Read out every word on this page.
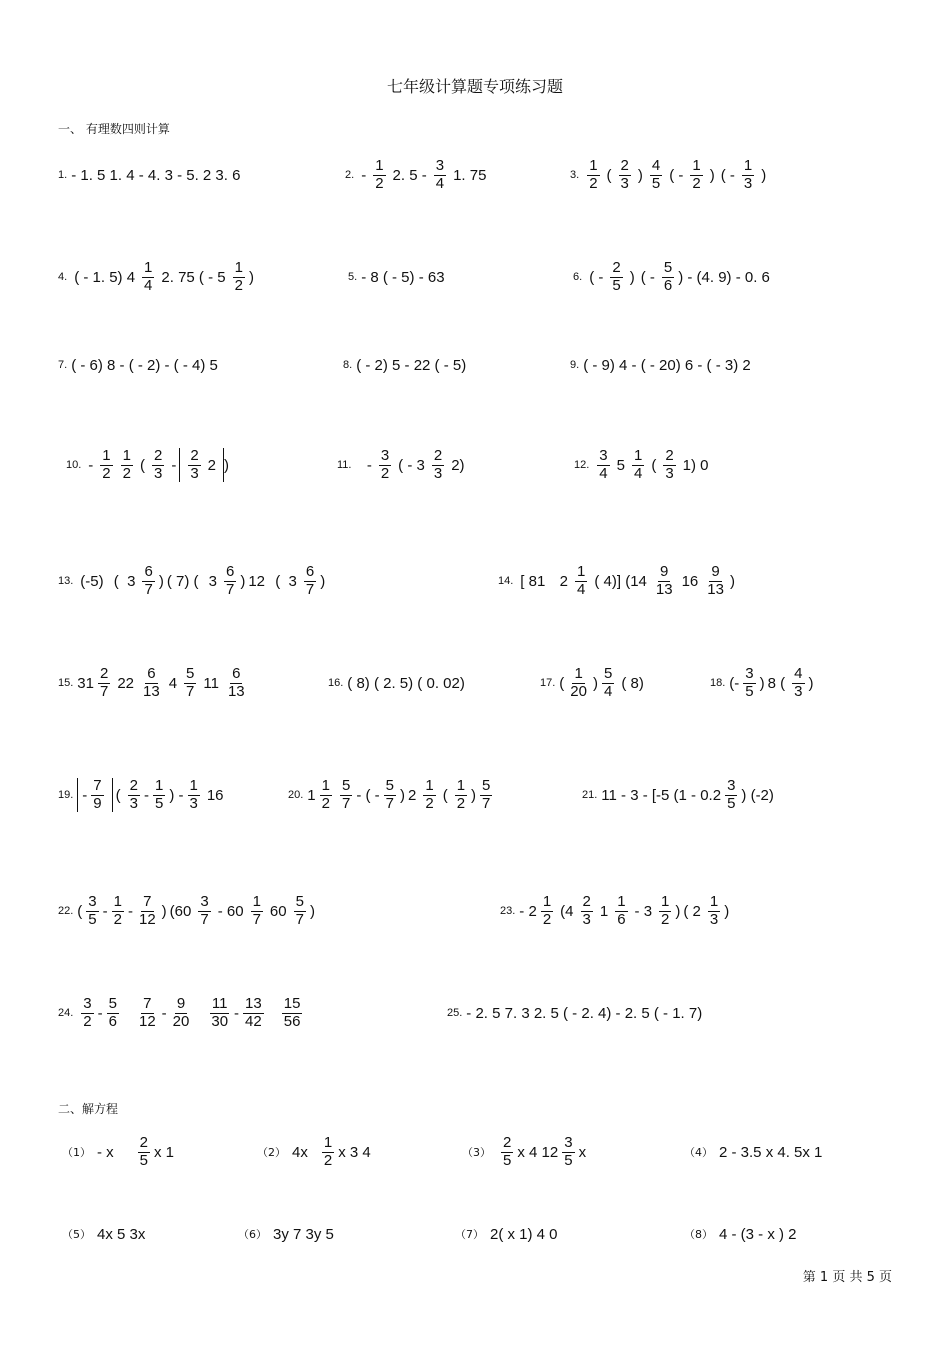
七年级计算题专项练习题
一、 有理数四则计算
1. - 1. 5 1. 4 - 4. 3 - 5. 2 3. 6	2. - $\frac{1}{2} 2$. $5 - \frac{3}{4} 1$. 75	3. $\frac{1}{2}$ ( $\frac{2}{3}$ ) $\frac{4}{5}$ ( - $\frac{1}{2}$ ) ( - $\frac{1}{3}$ )
4. ( - 1. 5) $4 \frac{1}{4} 2$. 75 ( - $5 \frac{1}{2}$ )	5. - 8 ( - 5) - 63	6. ( - $\frac{2}{5}$ ) ( - $\frac{5}{6}$ ) - (4. 9) - 0. 6
7. ( - 6) 8 - ( - 2) - ( - 4) 5	8. ( - 2) 5 - 22 ( - 5)	9. ( - 9) 4 - ( - 20) 6 - ( - 3) 2
10. - $\frac{1}{2} \frac{1}{2}$ ( $\frac{2}{3} - \frac{2}{3} 2$ )	11. - $\frac{3}{2}$ ( - $3 \frac{2}{3} 2$)	12. $\frac{3}{4} 5 \frac{1}{4}$ ( $\frac{2}{3} 1$) 0
13. (-5) (  $3 \frac{6}{7}$ ) ( 7) ( $3 \frac{6}{7}$ ) 12 (  $3 \frac{6}{7}$ )	14. [ 81 $2 \frac{1}{4}$ ( 4)] ($14 \frac{9}{13} 16 \frac{9}{13}$ )
15. $31 \frac{2}{7} 22 \frac{6}{13} 4 \frac{5}{7} 11 \frac{6}{13}$	16. ( 8) ( 2. 5) ( 0. 02)	17. ( $\frac{1}{20}$ ) $\frac{5}{4}$ ( 8)	18. (- $\frac{3}{5}$ ) 8 ( $\frac{4}{3}$ )
19. - $\frac{7}{9}$ ( $\frac{2}{3} - \frac{1}{5}$ ) - $\frac{1}{3} 16$	20. $1 \frac{1}{2} \frac{5}{7}$ - ( - $\frac{5}{7}$ ) $2 \frac{1}{2}$ ( $\frac{1}{2}$ ) $\frac{5}{7}$	21. 11 - 3 - [-5 ($1 - 0.2 \frac{3}{5}$ ) (-2)
22. ( $\frac{3}{5} - \frac{1}{2} - \frac{7}{12}$ ) ($60 \frac{3}{7} - 60 \frac{1}{7} 60 \frac{5}{7}$ )	23. - $2 \frac{1}{2} (4 \frac{2}{3} 1 \frac{1}{6} - 3 \frac{1}{2}$ ) ( $2 \frac{1}{3}$ )
24. $\frac{3}{2} - \frac{5}{6} \frac{7}{12} - \frac{9}{20} \frac{11}{30} - \frac{13}{42} \frac{15}{56}$	25. - 2. 5 7. 3 2. 5 ( - 2. 4) - 2. 5 ( - 1. 7)
二、解方程
（1） - x $\frac{2}{5}$ x 1	（2） $4x \frac{1}{2}$ x 3 4	$(3) \frac{2}{5}$ x 4 $12 \frac{3}{5}$ x	（4） 2 - 3.5 x 4. 5x 1
（5） 4x 5 3x	（6） 3y 7 3y 5	（7） 2( x 1) 4 0	（8） 4 - (3 - x ) 2
第 1 页 共 5 页
